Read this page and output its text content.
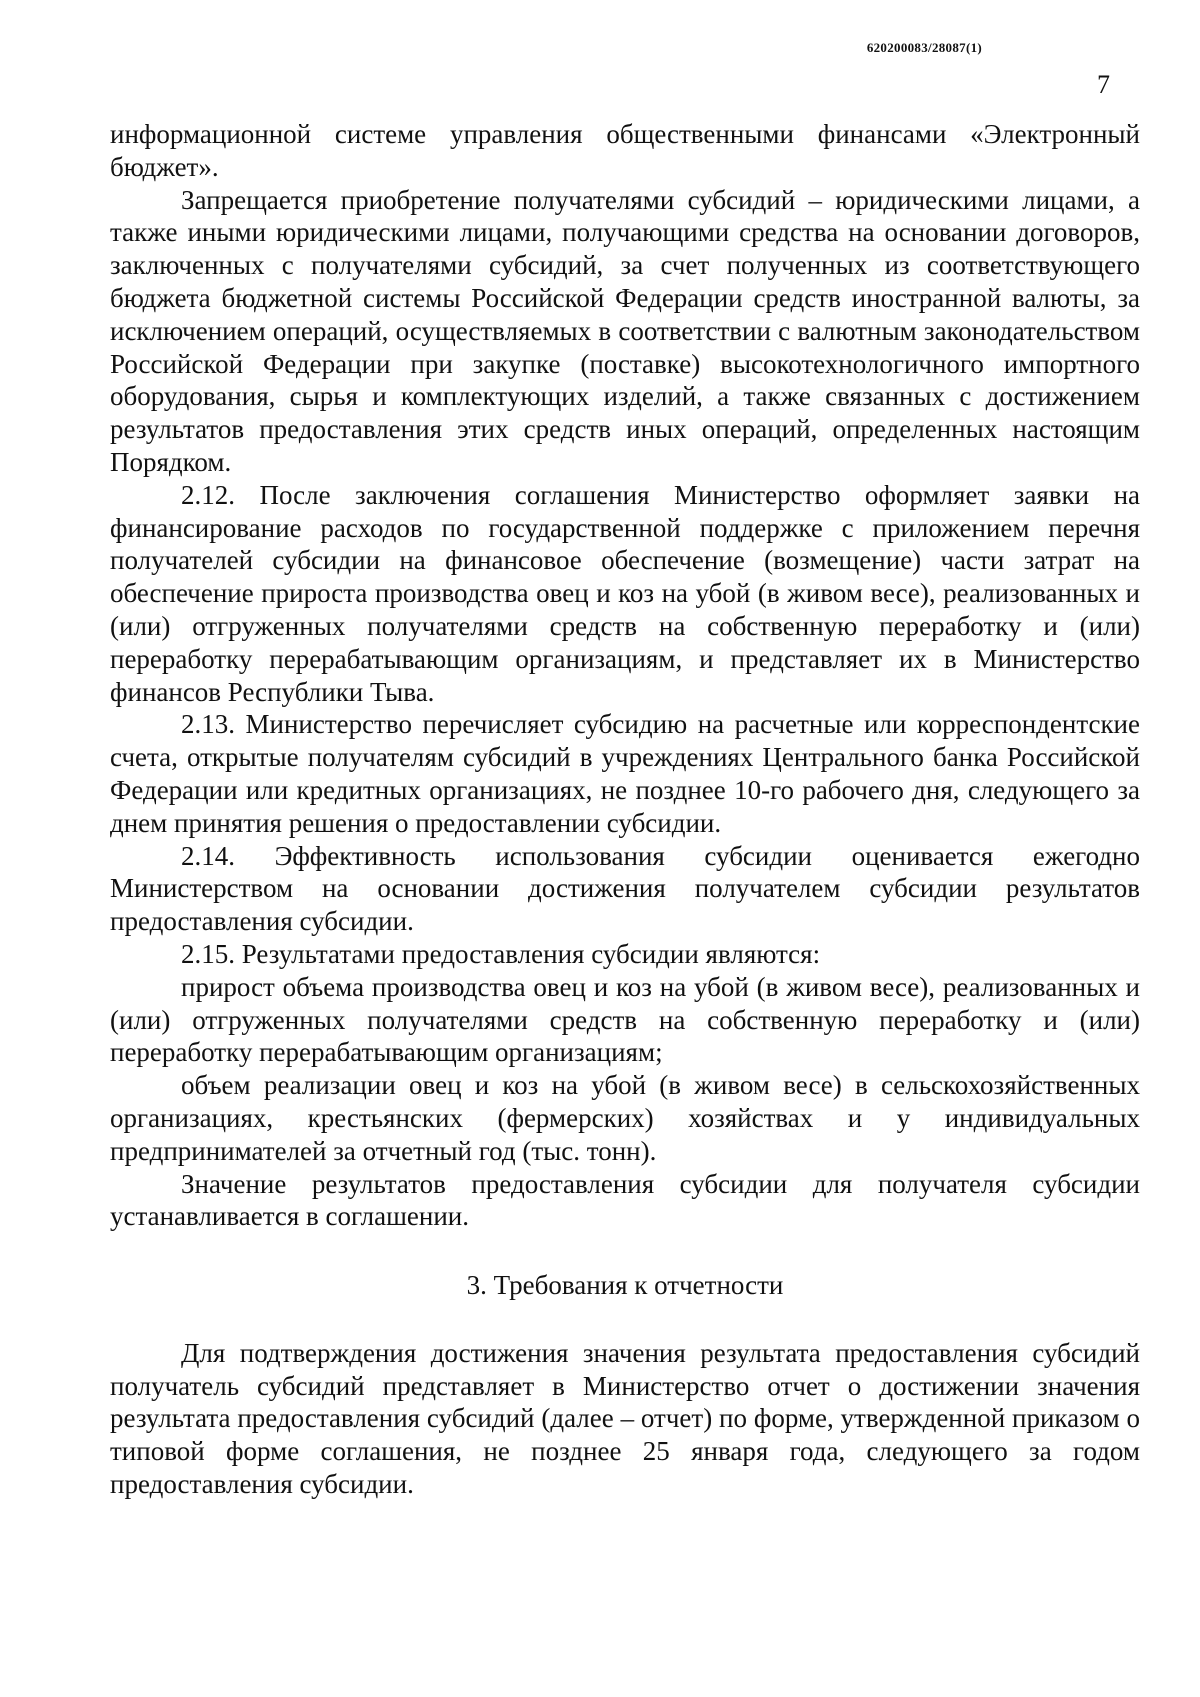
620200083/28087(1)
7

информационной системе управления общественными финансами «Электронный бюджет».

Запрещается приобретение получателями субсидий – юридическими лицами, а также иными юридическими лицами, получающими средства на основании договоров, заключенных с получателями субсидий, за счет полученных из соответствующего бюджета бюджетной системы Российской Федерации средств иностранной валюты, за исключением операций, осуществляемых в соответствии с валютным законодательством Российской Федерации при закупке (поставке) высокотехнологичного импортного оборудования, сырья и комплектующих изделий, а также связанных с достижением результатов предоставления этих средств иных операций, определенных настоящим Порядком.

2.12. После заключения соглашения Министерство оформляет заявки на финансирование расходов по государственной поддержке с приложением перечня получателей субсидии на финансовое обеспечение (возмещение) части затрат на обеспечение прироста производства овец и коз на убой (в живом весе), реализованных и (или) отгруженных получателями средств на собственную переработку и (или) переработку перерабатывающим организациям, и представляет их в Министерство финансов Республики Тыва.

2.13. Министерство перечисляет субсидию на расчетные или корреспондентские счета, открытые получателям субсидий в учреждениях Центрального банка Российской Федерации или кредитных организациях, не позднее 10-го рабочего дня, следующего за днем принятия решения о предоставлении субсидии.

2.14. Эффективность использования субсидии оценивается ежегодно Министерством на основании достижения получателем субсидии результатов предоставления субсидии.

2.15. Результатами предоставления субсидии являются:

прирост объема производства овец и коз на убой (в живом весе), реализованных и (или) отгруженных получателями средств на собственную переработку и (или) переработку перерабатывающим организациям;

объем реализации овец и коз на убой (в живом весе) в сельскохозяйственных организациях, крестьянских (фермерских) хозяйствах и у индивидуальных предпринимателей за отчетный год (тыс. тонн).

Значение результатов предоставления субсидии для получателя субсидии устанавливается в соглашении.

3. Требования к отчетности

Для подтверждения достижения значения результата предоставления субсидий получатель субсидий представляет в Министерство отчет о достижении значения результата предоставления субсидий (далее – отчет) по форме, утвержденной приказом о типовой форме соглашения, не позднее 25 января года, следующего за годом предоставления субсидии.
